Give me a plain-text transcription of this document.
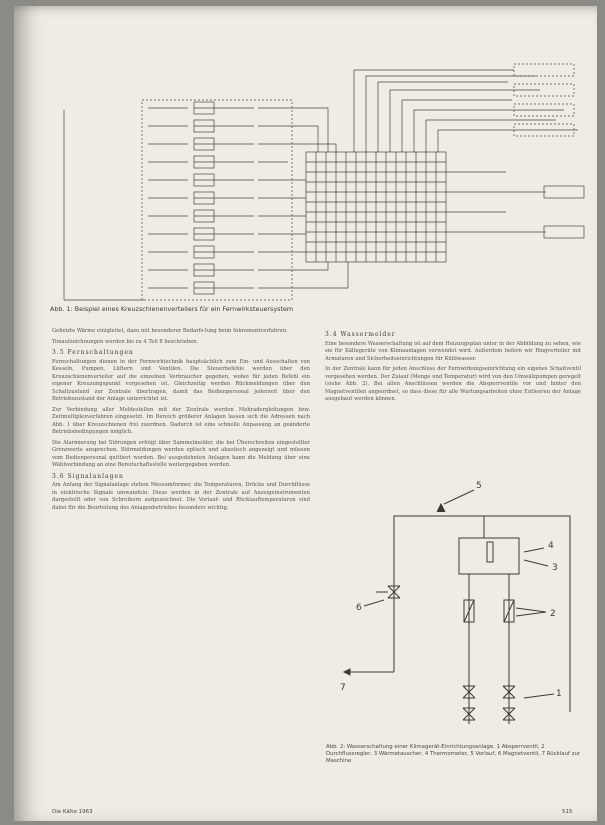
Abb. 1: Beispiel eines Kreuzschienenverteilers für ein Fernwirksteuersystem

Geheizte Wärme einigleitet, dazu mit besonderer Bedarfs-lung beim Inkrementverfahren.

Tonaufzeichnungen werden bis zu 4 Teil 8 beschrieben.

3.5 Fernschaltungen

Fernschaltungen dienen in der Fernwirktechnik hauptsächlich zum Ein- und Ausschalten von Kesseln, Pumpen, Lüftern und Ventilen. Die Steuerbefehle werden über den Kreuzschienenverteiler auf die einzelnen Verbraucher gegeben, wobei für jeden Befehl ein eigener Kreuzungspunkt vorgesehen ist. Gleichzeitig werden Rückmeldungen über den Schaltzustand zur Zentrale übertragen, damit das Bedienpersonal jederzeit über den Betriebszustand der Anlage unterrichtet ist.

Zur Verbindung aller Meldestellen mit der Zentrale werden Mehradergleitungen bzw. Zeitmultiplexverfahren eingesetzt. Im Bereich größerer Anlagen lassen sich die Adressen nach Abb. 1 über Kreuzschienen frei zuordnen. Dadurch ist eine schnelle Anpassung an geänderte Betriebsbedingungen möglich.

Die Alarmierung bei Störungen erfolgt über Sammelmelder, die bei Überschreiten eingestellter Grenzwerte ansprechen. Störmeldungen werden optisch und akustisch angezeigt und müssen vom Bedienpersonal quittiert werden. Bei ausgedehnten Anlagen kann die Meldung über eine Wählverbindung an eine Bereitschaftsstelle weitergegeben werden.

3.6 Signalanlagen

Am Anfang der Signalanlage stehen Messumformer, die Temperaturen, Drücke und Durchflüsse in elektrische Signale umwandeln. Diese werden in der Zentrale auf Anzeigeinstrumenten dargestellt oder von Schreibern aufgezeichnet. Die Vorlauf- und Rücklauftemperaturen sind dabei für die Beurteilung des Anlagenbetriebes besonders wichtig.

3.4 Wassermelder

Eine besondere Wasserschaltung ist auf dem Heizungsplan unter in der Abbildung zu sehen, wie sie für Kältegeräte von Klimaanlagen verwendet wird. Außerdem liefern wir Ringverteiler mit Armaturen und Sicherheitseinrichtungen für Kühlwasser.

In der Zentrale kann für jeden Anschluss der Fernwirkungseinrichtung ein eigenes Schaltventil vorgesehen werden. Der Zulauf (Menge und Temperatur) wird von den Umwälzpumpen geregelt (siehe Abb. 2). Bei allen Anschlüssen werden die Absperrventile vor und hinter den Magnetventilen angeordnet, so dass diese für alle Wartungsarbeiten ohne Entleeren der Anlage ausgebaut werden können.

5
4
3
2
6
1
7
Abb. 2: Wasserschaltung einer Klimagerät-Einrichtungsanlage. 1 Absperrventil, 2 Durchflussregler, 3 Wärmetauscher, 4 Thermometer, 5 Vorlauf, 6 Magnetventil, 7 Rücklauf zur Maschine
Die Kälte 1963	515
